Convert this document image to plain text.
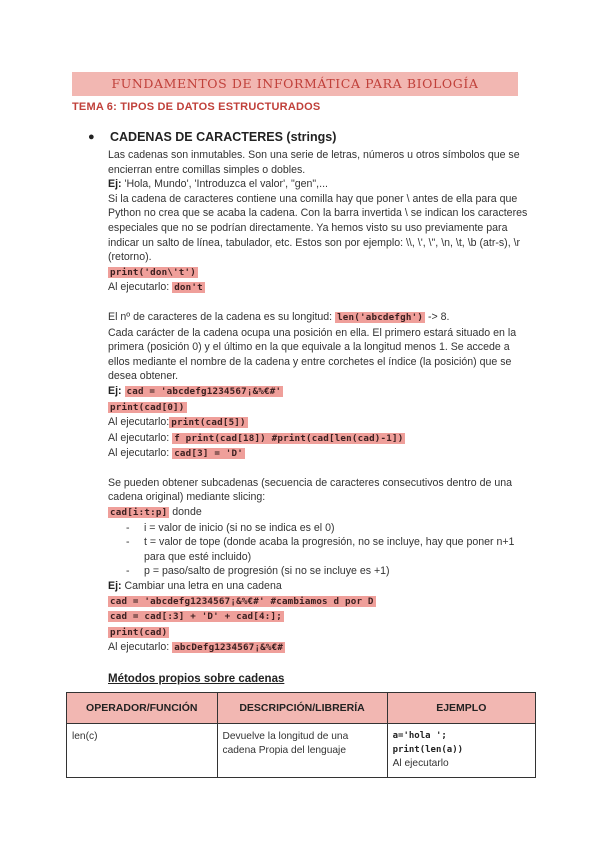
FUNDAMENTOS DE INFORMÁTICA PARA BIOLOGÍA
TEMA 6: TIPOS DE DATOS ESTRUCTURADOS
● CADENAS DE CARACTERES (strings)

Las cadenas son inmutables. Son una serie de letras, números u otros símbolos que se encierran entre comillas simples o dobles.

Ej: 'Hola, Mundo', 'Introduzca el valor', "gen",...

Si la cadena de caracteres contiene una comilla hay que poner \ antes de ella para que Python no crea que se acaba la cadena. Con la barra invertida \ se indican los caracteres especiales que no se podrían directamente. Ya hemos visto su uso previamente para indicar un salto de línea, tabulador, etc. Estos son por ejemplo: \\, \', \", \n, \t, \b (atr-s), \r (retorno).

print('don\'t')

Al ejecutarlo: don't

El nº de caracteres de la cadena es su longitud: len('abcdefgh') -> 8.

Cada carácter de la cadena ocupa una posición en ella. El primero estará situado en la primera (posición 0) y el último en la que equivale a la longitud menos 1. Se accede a ellos mediante el nombre de la cadena y entre corchetes el índice (la posición) que se desea obtener.

Ej: cad = 'abcdefg1234567¡&%€#'

print(cad[0])

Al ejecutarlo: print(cad[5])

Al ejecutarlo: f print(cad[18]) #print(cad[len(cad)-1])

Al ejecutarlo: cad[3] = 'D'

Se pueden obtener subcadenas (secuencia de caracteres consecutivos dentro de una cadena original) mediante slicing:

cad[i:t:p] donde

- i = valor de inicio (si no se indica es el 0)
- t = valor de tope (donde acaba la progresión, no se incluye, hay que poner n+1 para que esté incluido)
- p = paso/salto de progresión (si no se incluye es +1)

Ej: Cambiar una letra en una cadena

cad = 'abcdefg1234567¡&%€#' #cambiamos d por D

cad = cad[:3] + 'D' + cad[4:];

print(cad)

Al ejecutarlo: abcDefg1234567¡&%€#

Métodos propios sobre cadenas

OPERADOR/FUNCIÓN	DESCRIPCIÓN/LIBRERÍA	EJEMPLO
len(c)	Devuelve la longitud de una cadena Propia del lenguaje	a='hola ';
print(len(a))
Al ejecutarlo
